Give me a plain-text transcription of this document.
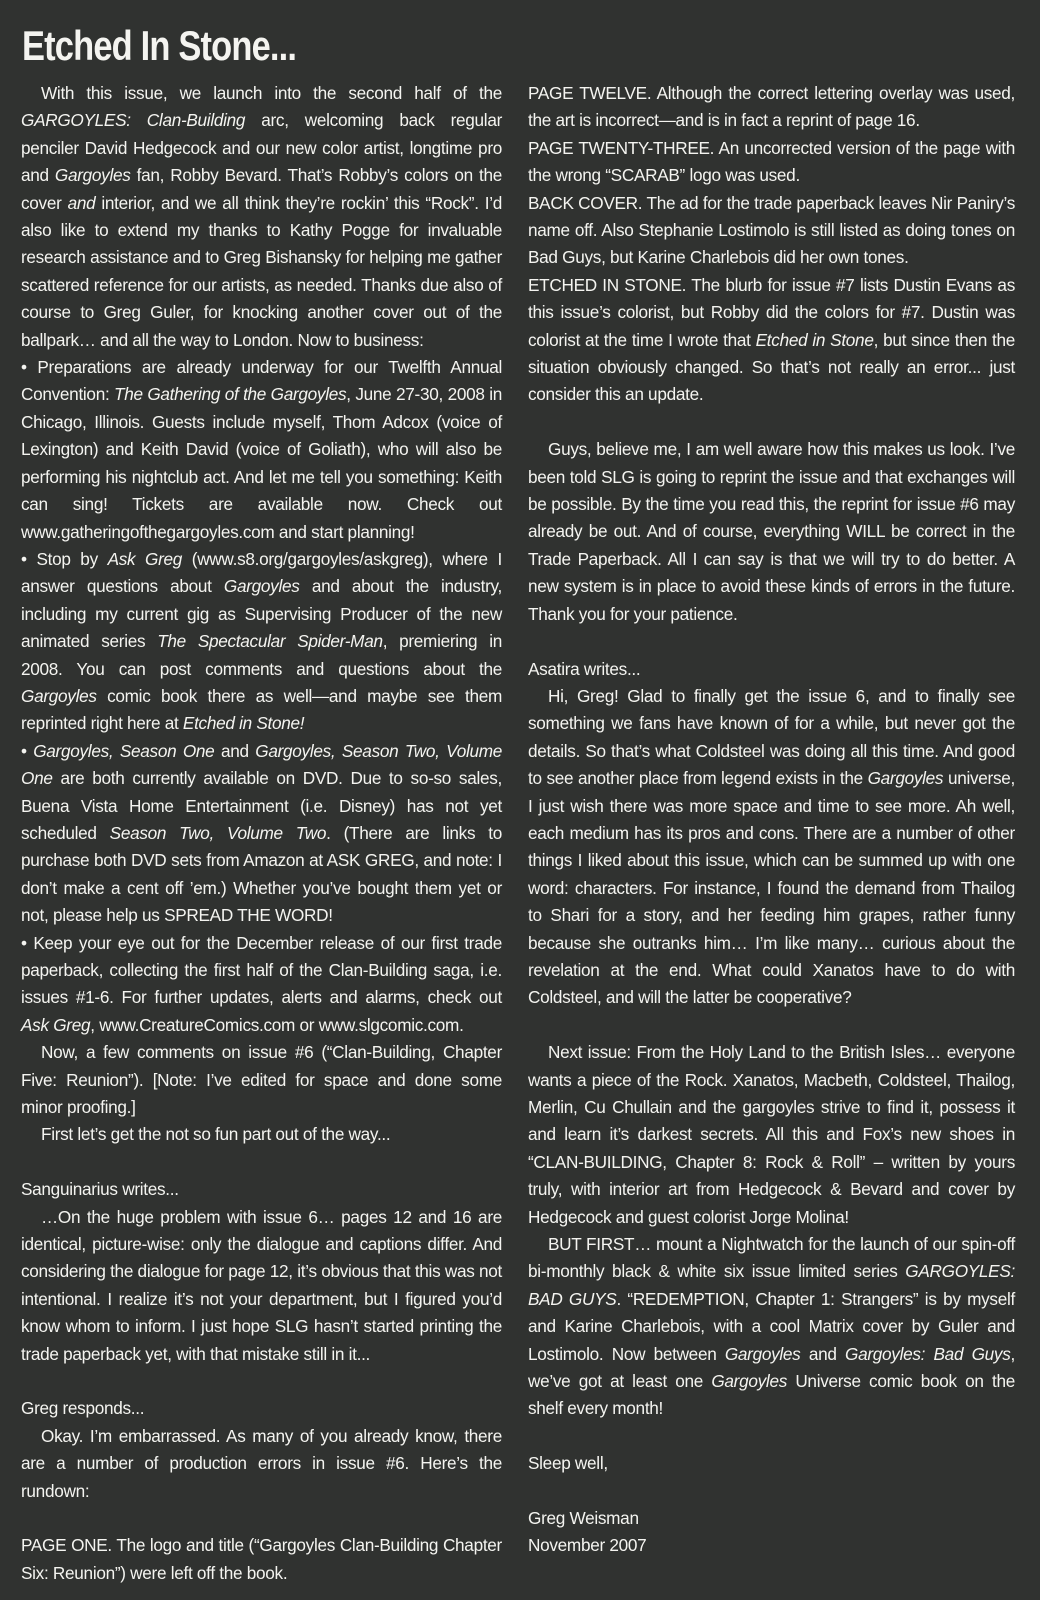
Etched In Stone...

With this issue, we launch into the second half of the GARGOYLES: Clan-Building arc, welcoming back regular penciler David Hedgecock and our new color artist, longtime pro and Gargoyles fan, Robby Bevard. That’s Robby’s colors on the cover and interior, and we all think they’re rockin’ this “Rock”. I’d also like to extend my thanks to Kathy Pogge for invaluable research assistance and to Greg Bishansky for helping me gather scattered reference for our artists, as needed. Thanks due also of course to Greg Guler, for knocking another cover out of the ballpark… and all the way to London. Now to business:

• Preparations are already underway for our Twelfth Annual Convention: The Gathering of the Gargoyles, June 27-30, 2008 in Chicago, Illinois. Guests include myself, Thom Adcox (voice of Lexington) and Keith David (voice of Goliath), who will also be performing his nightclub act. And let me tell you something: Keith can sing! Tickets are available now. Check out www.gatheringofthegargoyles.com and start planning!

• Stop by Ask Greg (www.s8.org/gargoyles/askgreg), where I answer questions about Gargoyles and about the industry, including my current gig as Supervising Producer of the new animated series The Spectacular Spider-Man, premiering in 2008. You can post comments and questions about the Gargoyles comic book there as well—and maybe see them reprinted right here at Etched in Stone!

• Gargoyles, Season One and Gargoyles, Season Two, Volume One are both currently available on DVD. Due to so-so sales, Buena Vista Home Entertainment (i.e. Disney) has not yet scheduled Season Two, Volume Two. (There are links to purchase both DVD sets from Amazon at ASK GREG, and note: I don’t make a cent off ’em.) Whether you’ve bought them yet or not, please help us SPREAD THE WORD!

• Keep your eye out for the December release of our first trade paperback, collecting the first half of the Clan-Building saga, i.e. issues #1-6. For further updates, alerts and alarms, check out Ask Greg, www.CreatureComics.com or www.slgcomic.com.

Now, a few comments on issue #6 (“Clan-Building, Chapter Five: Reunion”). [Note: I’ve edited for space and done some minor proofing.]

First let’s get the not so fun part out of the way...

Sanguinarius writes...

…On the huge problem with issue 6… pages 12 and 16 are identical, picture-wise: only the dialogue and captions differ. And considering the dialogue for page 12, it’s obvious that this was not intentional. I realize it’s not your department, but I figured you’d know whom to inform. I just hope SLG hasn’t started printing the trade paperback yet, with that mistake still in it...

Greg responds...

Okay. I’m embarrassed. As many of you already know, there are a number of production errors in issue #6. Here’s the rundown:

PAGE ONE. The logo and title (“Gargoyles Clan-Building Chapter Six: Reunion”) were left off the book.

PAGE TWELVE. Although the correct lettering overlay was used, the art is incorrect—and is in fact a reprint of page 16.

PAGE TWENTY-THREE. An uncorrected version of the page with the wrong “SCARAB” logo was used.

BACK COVER. The ad for the trade paperback leaves Nir Paniry’s name off. Also Stephanie Lostimolo is still listed as doing tones on Bad Guys, but Karine Charlebois did her own tones.

ETCHED IN STONE. The blurb for issue #7 lists Dustin Evans as this issue’s colorist, but Robby did the colors for #7. Dustin was colorist at the time I wrote that Etched in Stone, but since then the situation obviously changed. So that’s not really an error... just consider this an update.

Guys, believe me, I am well aware how this makes us look. I’ve been told SLG is going to reprint the issue and that exchanges will be possible. By the time you read this, the reprint for issue #6 may already be out. And of course, everything WILL be correct in the Trade Paperback. All I can say is that we will try to do better. A new system is in place to avoid these kinds of errors in the future. Thank you for your patience.

Asatira writes...

Hi, Greg! Glad to finally get the issue 6, and to finally see something we fans have known of for a while, but never got the details. So that’s what Coldsteel was doing all this time. And good to see another place from legend exists in the Gargoyles universe, I just wish there was more space and time to see more. Ah well, each medium has its pros and cons. There are a number of other things I liked about this issue, which can be summed up with one word: characters. For instance, I found the demand from Thailog to Shari for a story, and her feeding him grapes, rather funny because she outranks him… I’m like many… curious about the revelation at the end. What could Xanatos have to do with Coldsteel, and will the latter be cooperative?

Next issue: From the Holy Land to the British Isles… everyone wants a piece of the Rock. Xanatos, Macbeth, Coldsteel, Thailog, Merlin, Cu Chullain and the gargoyles strive to find it, possess it and learn it’s darkest secrets. All this and Fox’s new shoes in “CLAN-BUILDING, Chapter 8: Rock & Roll” – written by yours truly, with interior art from Hedgecock & Bevard and cover by Hedgecock and guest colorist Jorge Molina!

BUT FIRST… mount a Nightwatch for the launch of our spin-off bi-monthly black & white six issue limited series GARGOYLES: BAD GUYS. “REDEMPTION, Chapter 1: Strangers” is by myself and Karine Charlebois, with a cool Matrix cover by Guler and Lostimolo. Now between Gargoyles and Gargoyles: Bad Guys, we’ve got at least one Gargoyles Universe comic book on the shelf every month!

Sleep well,

Greg Weisman

November 2007
